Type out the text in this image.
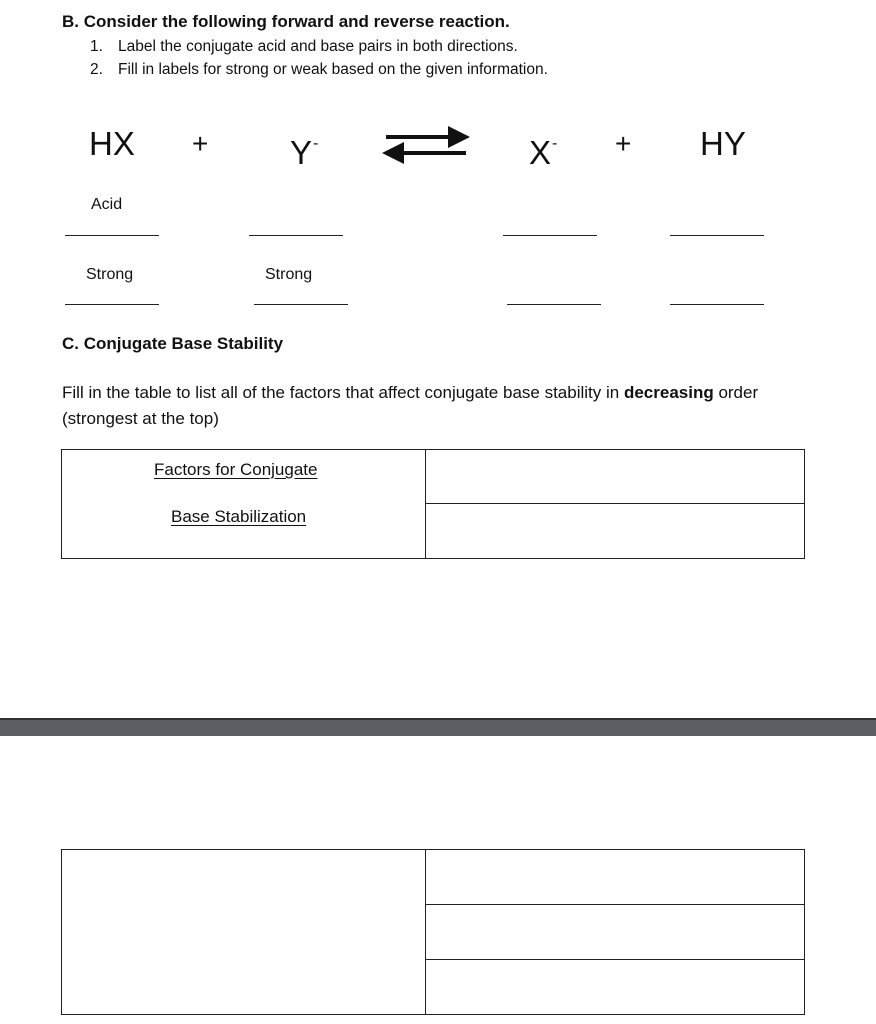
B. Consider the following forward and reverse reaction.
1. Label the conjugate acid and base pairs in both directions.
2. Fill in labels for strong or weak based on the given information.
HX + Y-	X- + HY
Acid
Strong	Strong
C. Conjugate Base Stability
Fill in the table to list all of the factors that affect conjugate base stability in decreasing order (strongest at the top)
Factors for Conjugate
Base Stabilization
